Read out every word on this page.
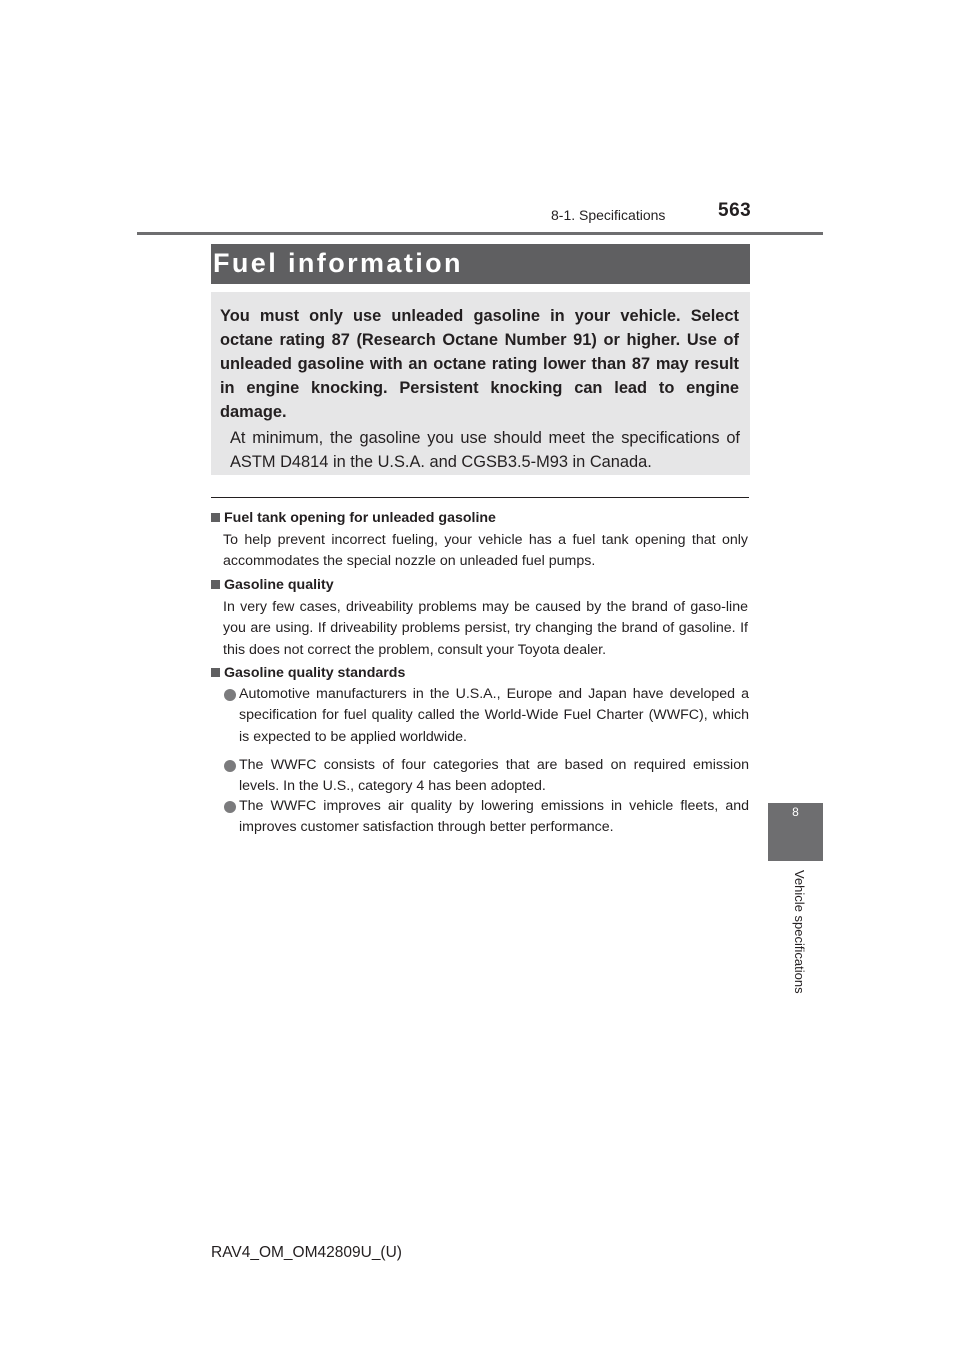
8-1. Specifications	563
8
Vehicle specifications
Fuel information
You must only use unleaded gasoline in your vehicle. Select octane rating 87 (Research Octane Number 91) or higher. Use of unleaded gasoline with an octane rating lower than 87 may result in engine knocking. Persistent knocking can lead to engine damage.
At minimum, the gasoline you use should meet the specifications of ASTM D4814 in the U.S.A. and CGSB3.5-M93 in Canada.
Fuel tank opening for unleaded gasoline
To help prevent incorrect fueling, your vehicle has a fuel tank opening that only accommodates the special nozzle on unleaded fuel pumps.
Gasoline quality
In very few cases, driveability problems may be caused by the brand of gaso-line you are using. If driveability problems persist, try changing the brand of gasoline. If this does not correct the problem, consult your Toyota dealer.
Gasoline quality standards
Automotive manufacturers in the U.S.A., Europe and Japan have developed a specification for fuel quality called the World-Wide Fuel Charter (WWFC), which is expected to be applied worldwide.
The WWFC consists of four categories that are based on required emission levels. In the U.S., category 4 has been adopted.
The WWFC improves air quality by lowering emissions in vehicle fleets, and improves customer satisfaction through better performance.
RAV4_OM_OM42809U_(U)
